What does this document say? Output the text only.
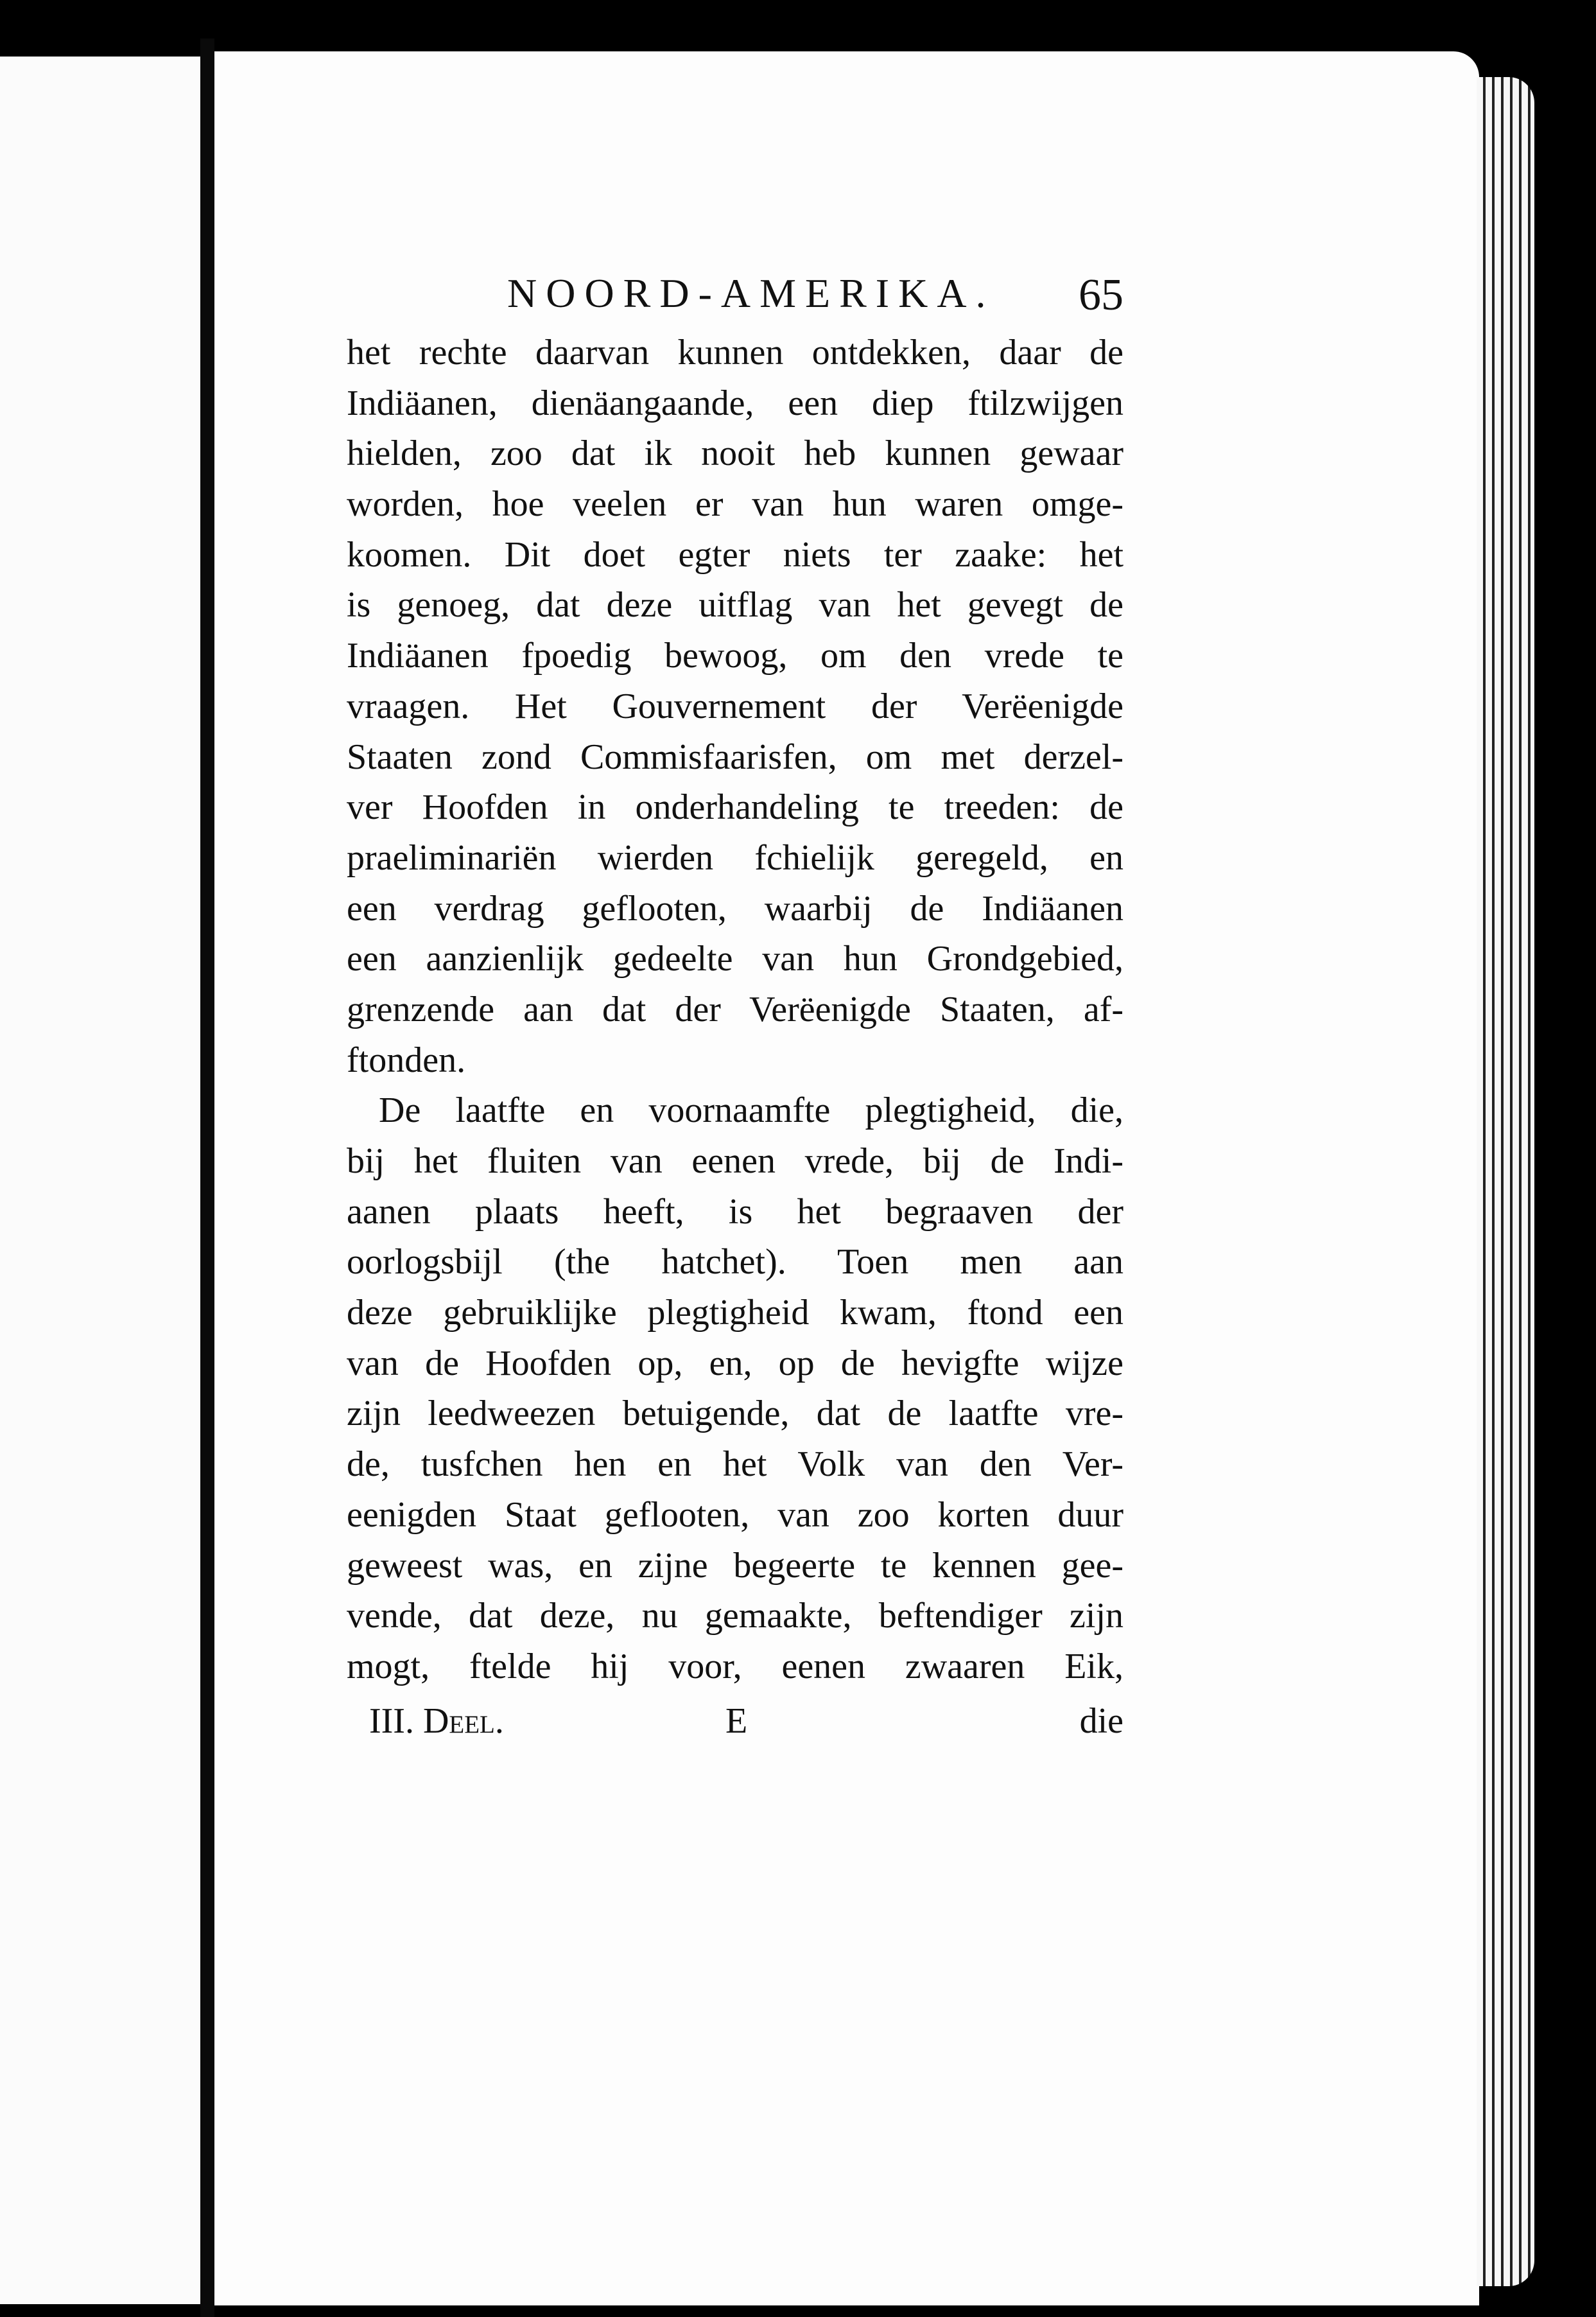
NOORD-AMERIKA. 65
het rechte daarvan kunnen ontdekken, daar de
Indiäanen, dienäangaande, een diep ftilzwijgen
hielden, zoo dat ik nooit heb kunnen gewaar
worden, hoe veelen er van hun waren omge-
koomen. Dit doet egter niets ter zaake: het
is genoeg, dat deze uitflag van het gevegt de
Indiäanen fpoedig bewoog, om den vrede te
vraagen. Het Gouvernement der Verëenigde
Staaten zond Commisfaarisfen, om met derzel-
ver Hoofden in onderhandeling te treeden: de
praeliminariën wierden fchielijk geregeld, en
een verdrag geflooten, waarbij de Indiäanen
een aanzienlijk gedeelte van hun Grondgebied,
grenzende aan dat der Verëenigde Staaten, af-
ftonden.
De laatfte en voornaamfte plegtigheid, die,
bij het fluiten van eenen vrede, bij de Indi-
aanen plaats heeft, is het begraaven der
oorlogsbijl (the hatchet). Toen men aan
deze gebruiklijke plegtigheid kwam, ftond een
van de Hoofden op, en, op de hevigfte wijze
zijn leedweezen betuigende, dat de laatfte vre-
de, tusfchen hen en het Volk van den Ver-
eenigden Staat geflooten, van zoo korten duur
geweest was, en zijne begeerte te kennen gee-
vende, dat deze, nu gemaakte, beftendiger zijn
mogt, ftelde hij voor, eenen zwaaren Eik,
III. Deel.	E	die
